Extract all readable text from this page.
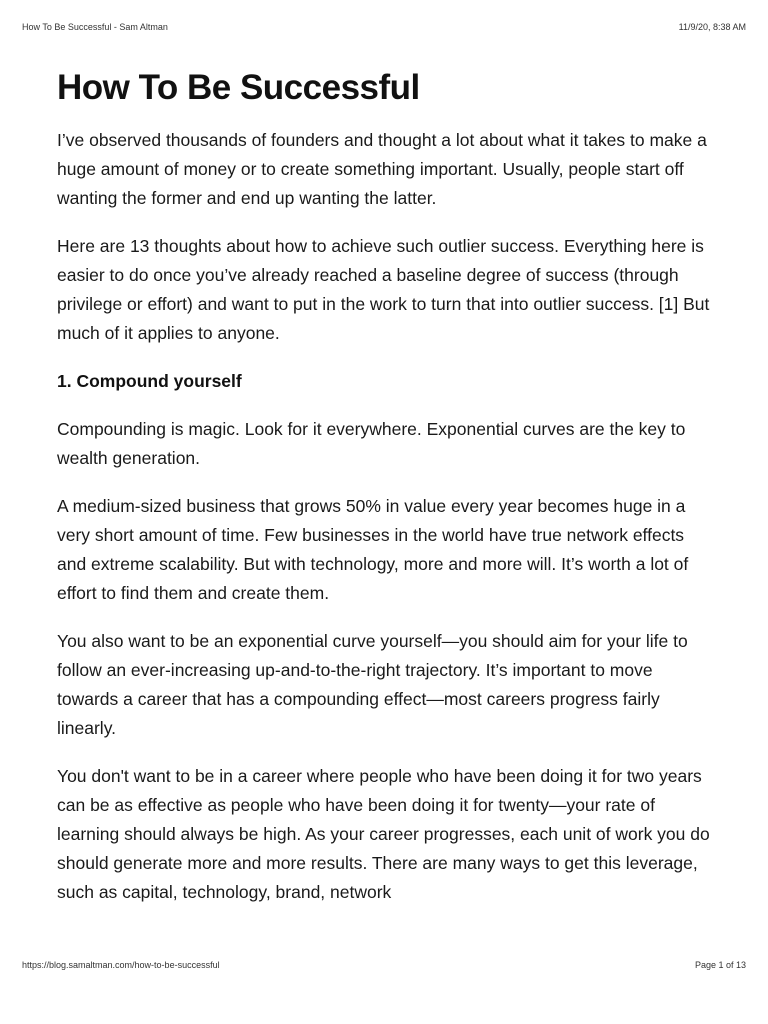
How To Be Successful - Sam Altman	11/9/20, 8:38 AM
How To Be Successful

I’ve observed thousands of founders and thought a lot about what it takes to make a huge amount of money or to create something important. Usually, people start off wanting the former and end up wanting the latter.

Here are 13 thoughts about how to achieve such outlier success. Everything here is easier to do once you’ve already reached a baseline degree of success (through privilege or effort) and want to put in the work to turn that into outlier success. [1] But much of it applies to anyone.

1. Compound yourself

Compounding is magic. Look for it everywhere. Exponential curves are the key to wealth generation.

A medium-sized business that grows 50% in value every year becomes huge in a very short amount of time. Few businesses in the world have true network effects and extreme scalability. But with technology, more and more will. It’s worth a lot of effort to find them and create them.

You also want to be an exponential curve yourself—you should aim for your life to follow an ever-increasing up-and-to-the-right trajectory. It’s important to move towards a career that has a compounding effect—most careers progress fairly linearly.

You don't want to be in a career where people who have been doing it for two years can be as effective as people who have been doing it for twenty—your rate of learning should always be high. As your career progresses, each unit of work you do should generate more and more results. There are many ways to get this leverage, such as capital, technology, brand, network

https://blog.samaltman.com/how-to-be-successful	Page 1 of 13
